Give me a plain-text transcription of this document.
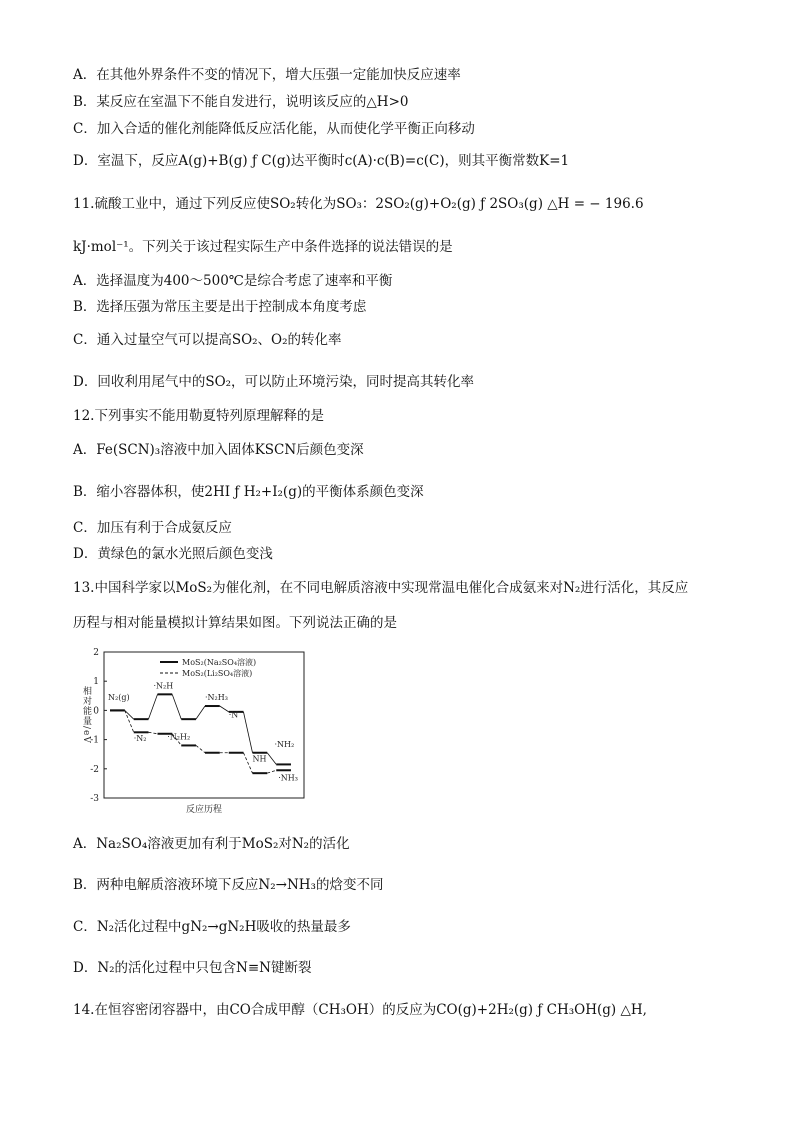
A．在其他外界条件不变的情况下，增大压强一定能加快反应速率
B．某反应在室温下不能自发进行，说明该反应的△H>0
C．加入合适的催化剂能降低反应活化能，从而使化学平衡正向移动
D．室温下，反应A(g)+B(g) ƒ C(g)达平衡时c(A)·c(B)=c(C)，则其平衡常数K=1
11.硫酸工业中，通过下列反应使SO₂转化为SO₃：2SO₂(g)+O₂(g) ƒ 2SO₃(g) △H = − 196.6
kJ·mol⁻¹。下列关于该过程实际生产中条件选择的说法错误的是
A．选择温度为400～500℃是综合考虑了速率和平衡
B．选择压强为常压主要是出于控制成本角度考虑
C．通入过量空气可以提高SO₂、O₂的转化率
D．回收利用尾气中的SO₂，可以防止环境污染，同时提高其转化率
12.下列事实不能用勒夏特列原理解释的是
A．Fe(SCN)₃溶液中加入固体KSCN后颜色变深
B．缩小容器体积，使2HI ƒ H₂+I₂(g)的平衡体系颜色变深
C．加压有利于合成氨反应
D．黄绿色的氯水光照后颜色变浅
13.中国科学家以MoS₂为催化剂，在不同电解质溶液中实现常温电催化合成氨来对N₂进行活化，其反应
历程与相对能量模拟计算结果如图。下列说法正确的是
A．Na₂SO₄溶液更加有利于MoS₂对N₂的活化
B．两种电解质溶液环境下反应N₂→NH₃的焓变不同
C．N₂活化过程中gN₂→gN₂H吸收的热量最多
D．N₂的活化过程中只包含N≡N键断裂
14.在恒容密闭容器中，由CO合成甲醇（CH₃OH）的反应为CO(g)+2H₂(g) ƒ CH₃OH(g) △H,
2
1
0
-1
-2
-3
相对能量/eV
反应历程
N₂(g)
·N₂
·N₂H
·N₂H₂
·N₂H₃
·N
NH
·NH₂
·NH₃
MoS₂(Na₂SO₄溶液)
MoS₂(Li₂SO₄溶液)
